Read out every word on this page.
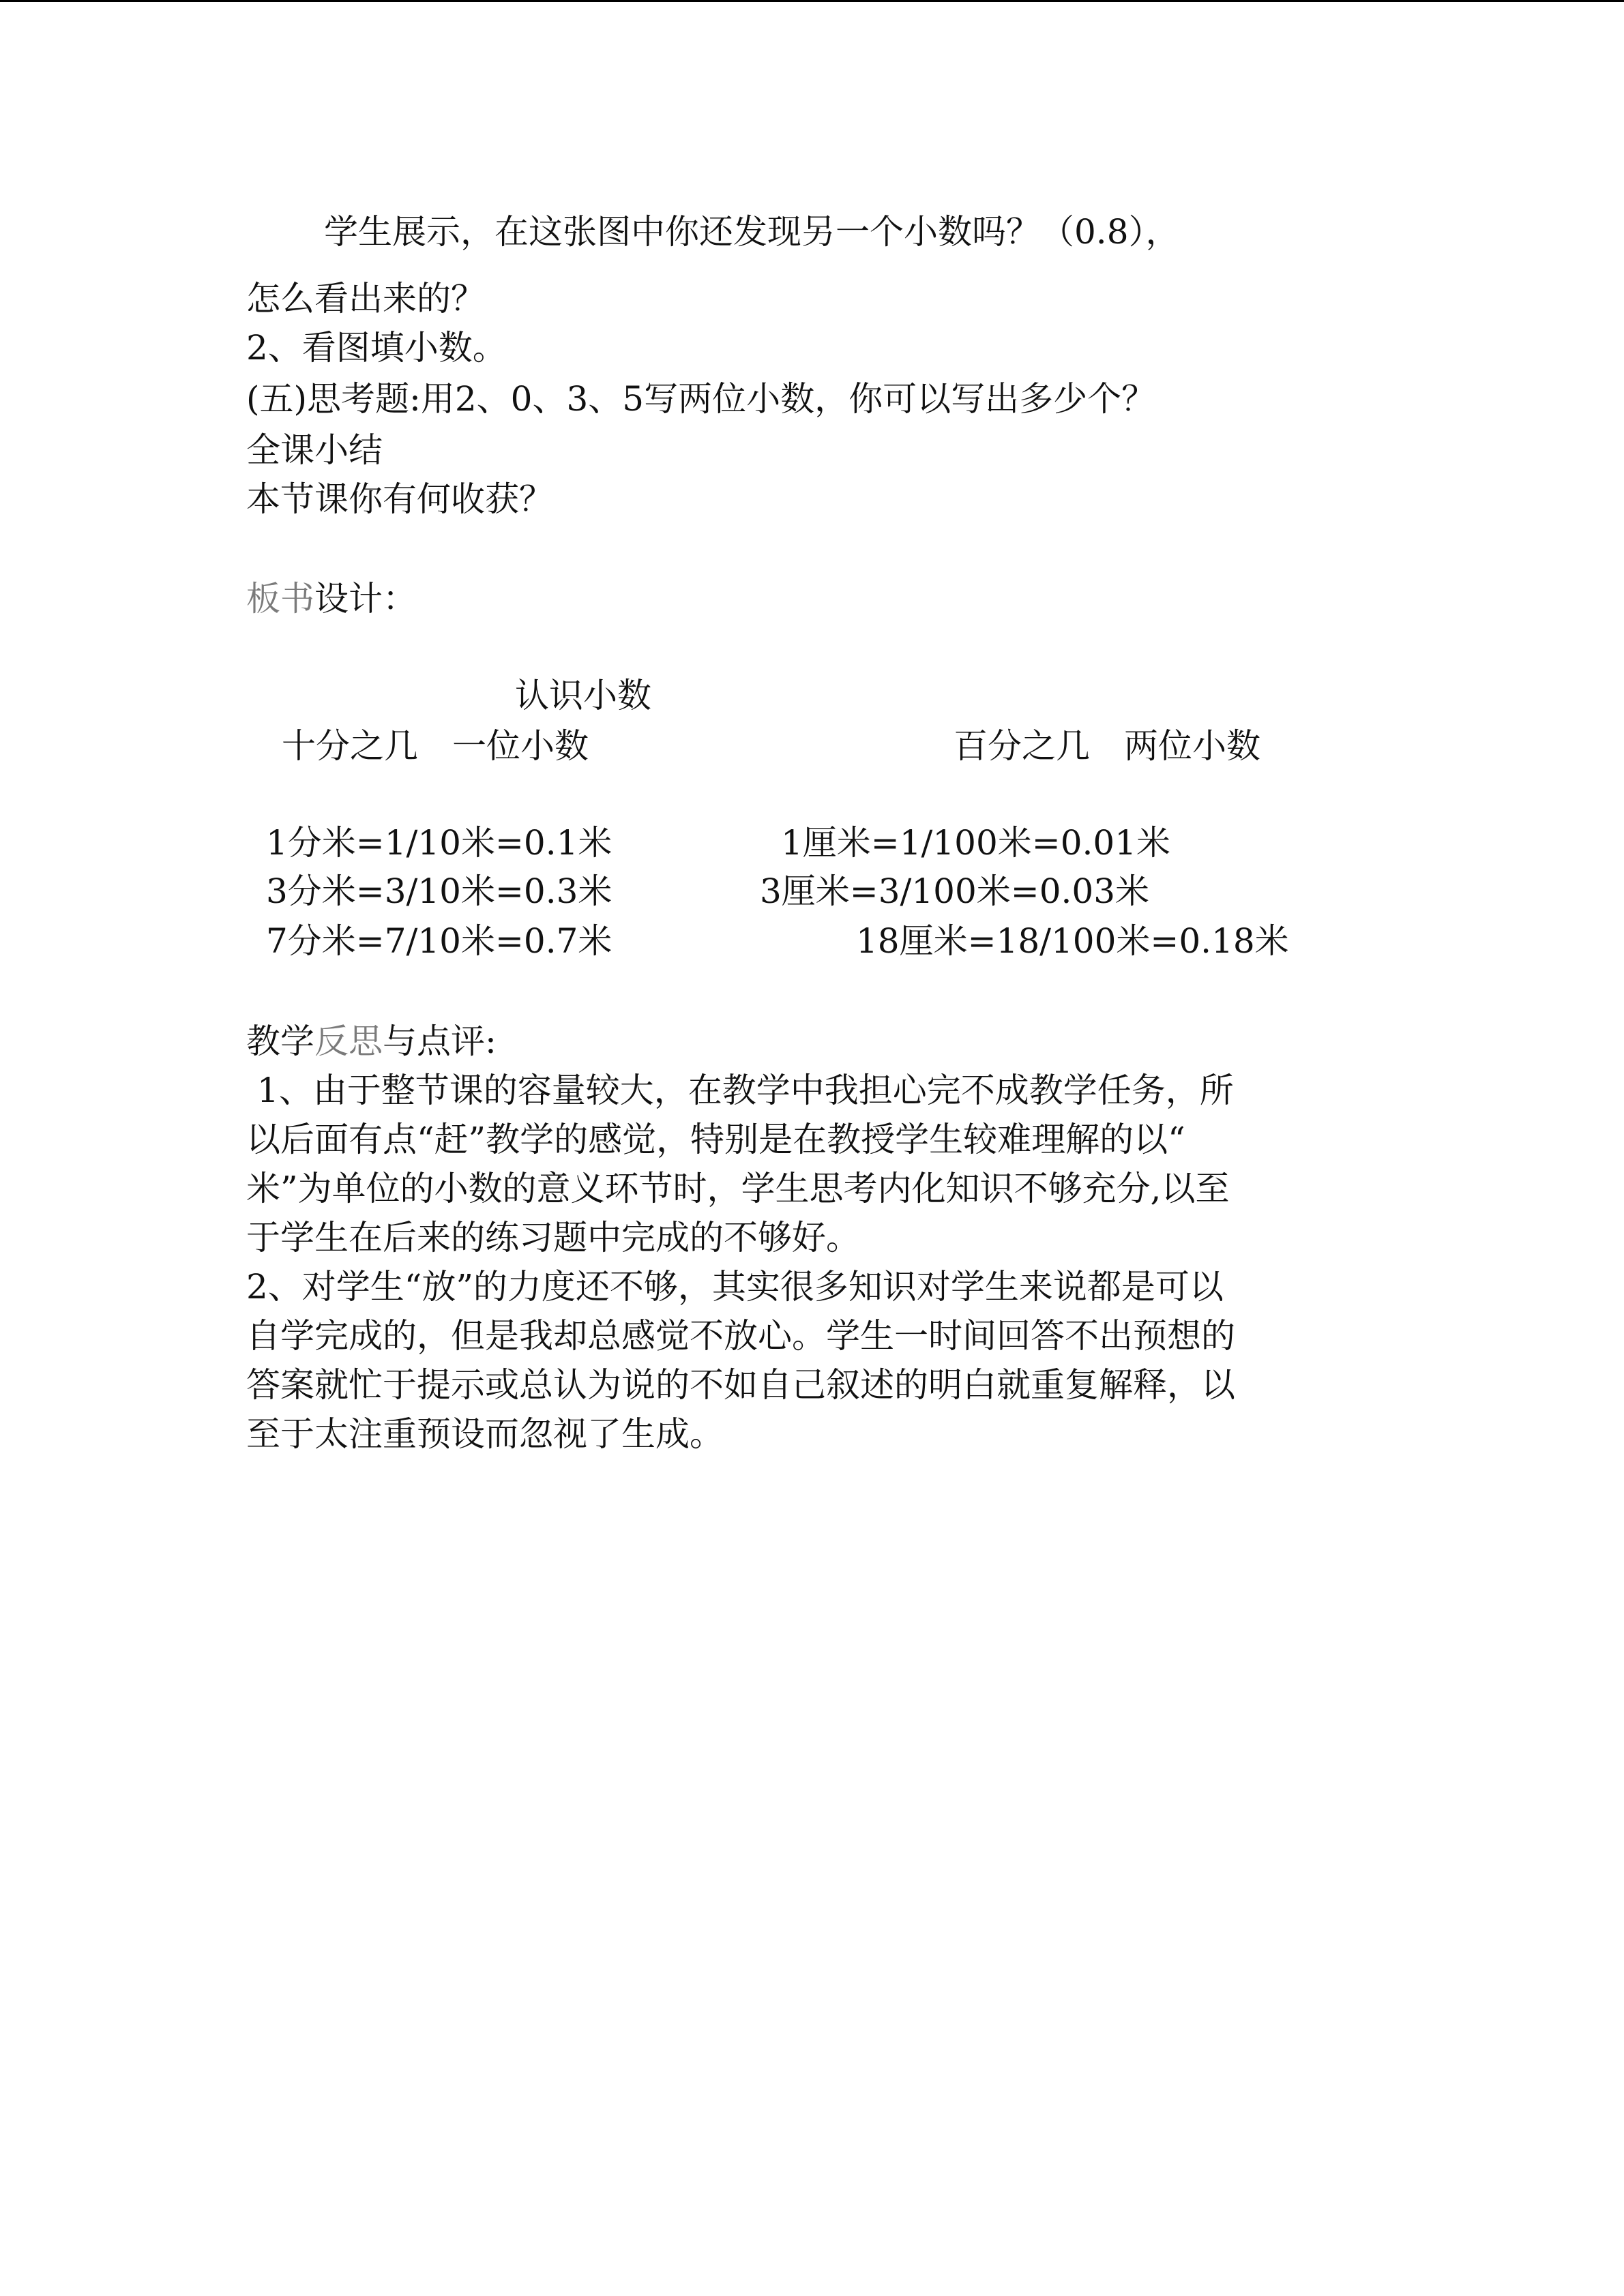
学生展示，在这张图中你还发现另一个小数吗？（0.8），
怎么看出来的？
2、看图填小数。
(五)思考题:用2、0、3、5写两位小数，你可以写出多少个？
全课小结
本节课你有何收获？
板书设计：
认识小数
十分之几　一位小数	百分之几　两位小数
1分米=1/10米=0.1米	1厘米=1/100米=0.01米
3分米=3/10米=0.3米	3厘米=3/100米=0.03米
7分米=7/10米=0.7米	18厘米=18/100米=0.18米
教学反思与点评:
1、由于整节课的容量较大，在教学中我担心完不成教学任务，所
以后面有点“赶”教学的感觉，特别是在教授学生较难理解的以“
米”为单位的小数的意义环节时，学生思考内化知识不够充分,以至
于学生在后来的练习题中完成的不够好。
2、对学生“放”的力度还不够，其实很多知识对学生来说都是可以
自学完成的，但是我却总感觉不放心。学生一时间回答不出预想的
答案就忙于提示或总认为说的不如自己叙述的明白就重复解释，以
至于太注重预设而忽视了生成。
